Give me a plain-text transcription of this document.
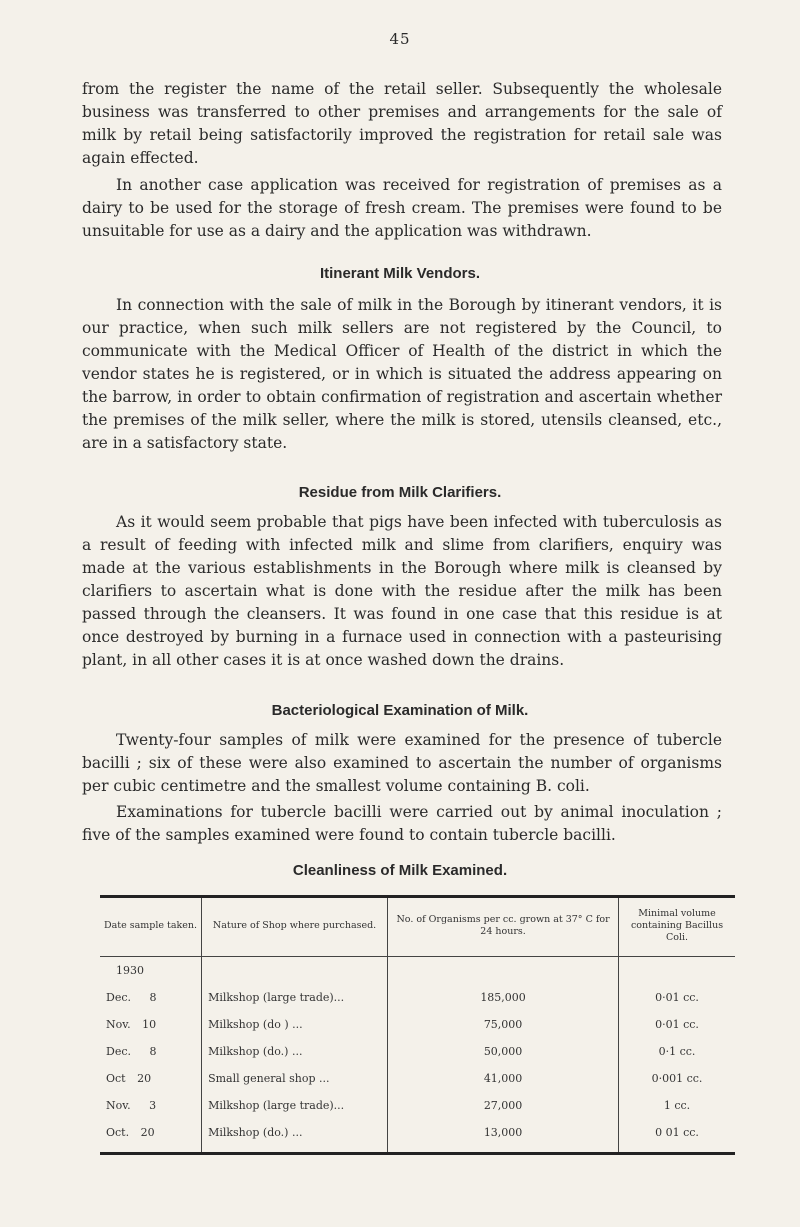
45

from the register the name of the retail seller. Subsequently the wholesale business was transferred to other premises and arrangements for the sale of milk by retail being satisfactorily improved the registration for retail sale was again effected.

In another case application was received for registration of premises as a dairy to be used for the storage of fresh cream. The premises were found to be unsuitable for use as a dairy and the application was withdrawn.

Itinerant Milk Vendors.

In connection with the sale of milk in the Borough by itinerant vendors, it is our practice, when such milk sellers are not registered by the Council, to communicate with the Medical Officer of Health of the district in which the vendor states he is registered, or in which is situated the address appearing on the barrow, in order to obtain confirmation of registration and ascertain whether the premises of the milk seller, where the milk is stored, utensils cleansed, etc., are in a satisfactory state.

Residue from Milk Clarifiers.

As it would seem probable that pigs have been infected with tuberculosis as a result of feeding with infected milk and slime from clarifiers, enquiry was made at the various establishments in the Borough where milk is cleansed by clarifiers to ascertain what is done with the residue after the milk has been passed through the cleansers. It was found in one case that this residue is at once destroyed by burning in a furnace used in connection with a pasteurising plant, in all other cases it is at once washed down the drains.

Bacteriological Examination of Milk.

Twenty-four samples of milk were examined for the presence of tubercle bacilli ; six of these were also examined to ascertain the number of organisms per cubic centimetre and the smallest volume containing B. coli.

Examinations for tubercle bacilli were carried out by animal inoculation ; five of the samples examined were found to contain tubercle bacilli.

Cleanliness of Milk Examined.
Date sample taken.	Nature of Shop where purchased.	No. of Organisms per cc. grown at 37° C for 24 hours.	Minimal volume containing Bacillus Coli.
1930			
Dec. 8	Milkshop (large trade)...	185,000	0·01 cc.
Nov. 10	Milkshop (do ) ...	75,000	0·01 cc.
Dec. 8	Milkshop (do.) ...	50,000	0·1 cc.
Oct 20	Small general shop ...	41,000	0·001 cc.
Nov. 3	Milkshop (large trade)...	27,000	1 cc.
Oct. 20	Milkshop (do.) ...	13,000	0 01 cc.
